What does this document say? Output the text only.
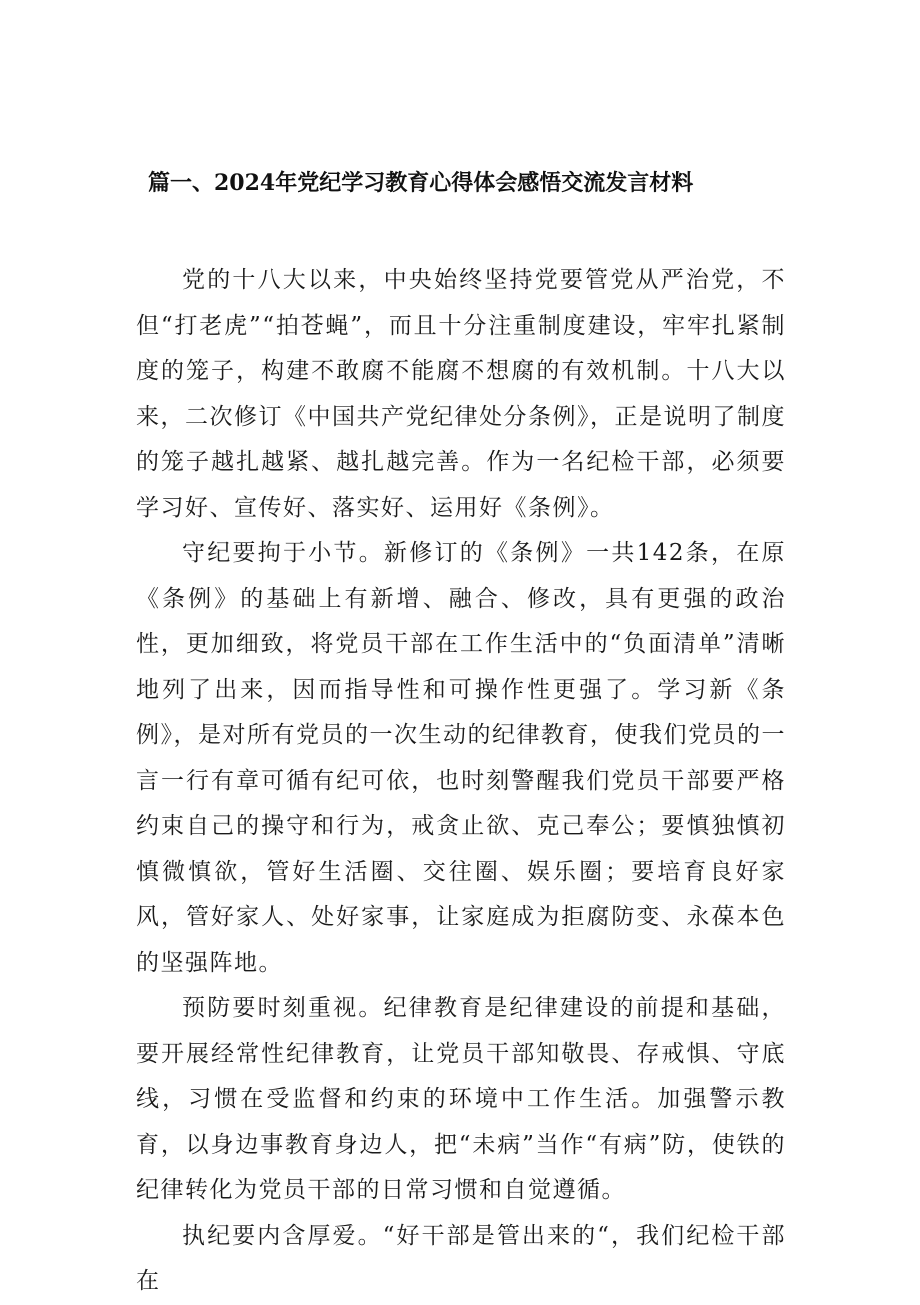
篇一、2024年党纪学习教育心得体会感悟交流发言材料

党的十八大以来，中央始终坚持党要管党从严治党，不但“打老虎”“拍苍蝇”，而且十分注重制度建设，牢牢扎紧制度的笼子，构建不敢腐不能腐不想腐的有效机制。十八大以来，二次修订《中国共产党纪律处分条例》，正是说明了制度的笼子越扎越紧、越扎越完善。作为一名纪检干部，必须要学习好、宣传好、落实好、运用好《条例》。

守纪要拘于小节。新修订的《条例》一共142条，在原《条例》的基础上有新增、融合、修改，具有更强的政治性，更加细致，将党员干部在工作生活中的“负面清单”清晰地列了出来，因而指导性和可操作性更强了。学习新《条例》，是对所有党员的一次生动的纪律教育，使我们党员的一言一行有章可循有纪可依，也时刻警醒我们党员干部要严格约束自己的操守和行为，戒贪止欲、克己奉公；要慎独慎初慎微慎欲，管好生活圈、交往圈、娱乐圈；要培育良好家风，管好家人、处好家事，让家庭成为拒腐防变、永葆本色的坚强阵地。

预防要时刻重视。纪律教育是纪律建设的前提和基础，要开展经常性纪律教育，让党员干部知敬畏、存戒惧、守底线，习惯在受监督和约束的环境中工作生活。加强警示教育，以身边事教育身边人，把“未病”当作“有病”防，使铁的纪律转化为党员干部的日常习惯和自觉遵循。

执纪要内含厚爱。“好干部是管出来的“，我们纪检干部在
